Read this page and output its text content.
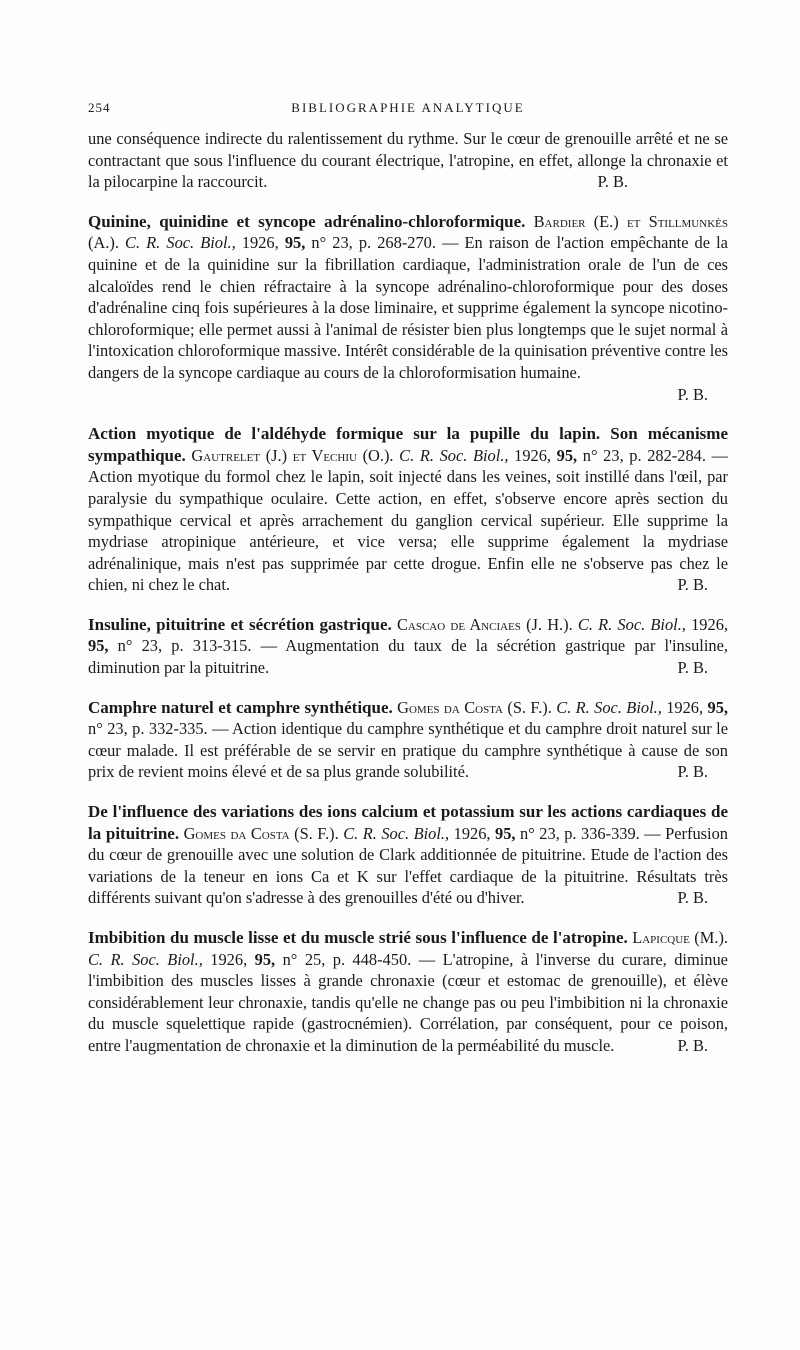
254	BIBLIOGRAPHIE ANALYTIQUE

une conséquence indirecte du ralentissement du rythme. Sur le cœur de grenouille arrêté et ne se contractant que sous l'influence du courant électrique, l'atropine, en effet, allonge la chronaxie et la pilocarpine la raccourcit.	P. B.

Quinine, quinidine et syncope adrénalino-chloroformique. Bardier (E.) et Stillmunkès (A.). C. R. Soc. Biol., 1926, 95, n° 23, p. 268-270. — En raison de l'action empêchante de la quinine et de la quinidine sur la fibrillation cardiaque, l'administration orale de l'un de ces alcaloïdes rend le chien réfractaire à la syncope adrénalino-chloroformique pour des doses d'adrénaline cinq fois supérieures à la dose liminaire, et supprime également la syncope nicotino-chloroformique; elle permet aussi à l'animal de résister bien plus longtemps que le sujet normal à l'intoxication chloroformique massive. Intérêt considérable de la quinisation préventive contre les dangers de la syncope cardiaque au cours de la chloroformisation humaine.

P. B.

Action myotique de l'aldéhyde formique sur la pupille du lapin. Son mécanisme sympathique. Gautrelet (J.) et Vechiu (O.). C. R. Soc. Biol., 1926, 95, n° 23, p. 282-284. — Action myotique du formol chez le lapin, soit injecté dans les veines, soit instillé dans l'œil, par paralysie du sympathique oculaire. Cette action, en effet, s'observe encore après section du sympathique cervical et après arrachement du ganglion cervical supérieur. Elle supprime la mydriase atropinique antérieure, et vice versa; elle supprime également la mydriase adrénalinique, mais n'est pas supprimée par cette drogue. Enfin elle ne s'observe pas chez le chien, ni chez le chat.	P. B.

Insuline, pituitrine et sécrétion gastrique. Cascao de Anciaes (J. H.). C. R. Soc. Biol., 1926, 95, n° 23, p. 313-315. — Augmentation du taux de la sécrétion gastrique par l'insuline, diminution par la pituitrine.	P. B.

Camphre naturel et camphre synthétique. Gomes da Costa (S. F.). C. R. Soc. Biol., 1926, 95, n° 23, p. 332-335. — Action identique du camphre synthétique et du camphre droit naturel sur le cœur malade. Il est préférable de se servir en pratique du camphre synthétique à cause de son prix de revient moins élevé et de sa plus grande solubilité.	P. B.

De l'influence des variations des ions calcium et potassium sur les actions cardiaques de la pituitrine. Gomes da Costa (S. F.). C. R. Soc. Biol., 1926, 95, n° 23, p. 336-339. — Perfusion du cœur de grenouille avec une solution de Clark additionnée de pituitrine. Etude de l'action des variations de la teneur en ions Ca et K sur l'effet cardiaque de la pituitrine. Résultats très différents suivant qu'on s'adresse à des grenouilles d'été ou d'hiver.	P. B.

Imbibition du muscle lisse et du muscle strié sous l'influence de l'atropine. Lapicque (M.). C. R. Soc. Biol., 1926, 95, n° 25, p. 448-450. — L'atropine, à l'inverse du curare, diminue l'imbibition des muscles lisses à grande chronaxie (cœur et estomac de grenouille), et élève considérablement leur chronaxie, tandis qu'elle ne change pas ou peu l'imbibition ni la chronaxie du muscle squelettique rapide (gastrocnémien). Corrélation, par conséquent, pour ce poison, entre l'augmentation de chronaxie et la diminution de la perméabilité du muscle.	P. B.
